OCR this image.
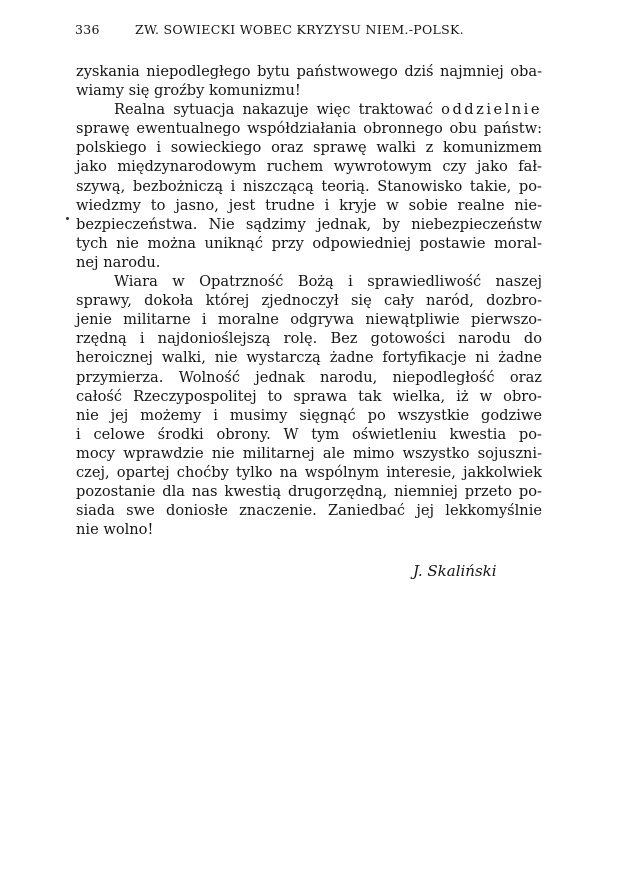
336	ZW. SOWIECKI WOBEC KRYZYSU NIEM.-POLSK.
zyskania niepodległego bytu państwowego dziś najmniej oba-
wiamy się groźby komunizmu!
Realna sytuacja nakazuje więc traktować oddzielnie
sprawę ewentualnego współdziałania obronnego obu państw:
polskiego i sowieckiego oraz sprawę walki z komunizmem
jako międzynarodowym ruchem wywrotowym czy jako fał-
szywą, bezbożniczą i niszczącą teorią. Stanowisko takie, po-
wiedzmy to jasno, jest trudne i kryje w sobie realne nie-
bezpieczeństwa. Nie sądzimy jednak, by niebezpieczeństw
tych nie można uniknąć przy odpowiedniej postawie moral-
nej narodu.
Wiara w Opatrzność Bożą i sprawiedliwość naszej
sprawy, dokoła której zjednoczył się cały naród, dozbro-
jenie militarne i moralne odgrywa niewątpliwie pierwszo-
rzędną i najdonioślejszą rolę. Bez gotowości narodu do
heroicznej walki, nie wystarczą żadne fortyfikacje ni żadne
przymierza. Wolność jednak narodu, niepodległość oraz
całość Rzeczypospolitej to sprawa tak wielka, iż w obro-
nie jej możemy i musimy sięgnąć po wszystkie godziwe
i celowe środki obrony. W tym oświetleniu kwestia po-
mocy wprawdzie nie militarnej ale mimo wszystko sojuszni-
czej, opartej choćby tylko na wspólnym interesie, jakkolwiek
pozostanie dla nas kwestią drugorzędną, niemniej przeto po-
siada swe doniosłe znaczenie. Zaniedbać jej lekkomyślnie
nie wolno!
J. Skaliński
